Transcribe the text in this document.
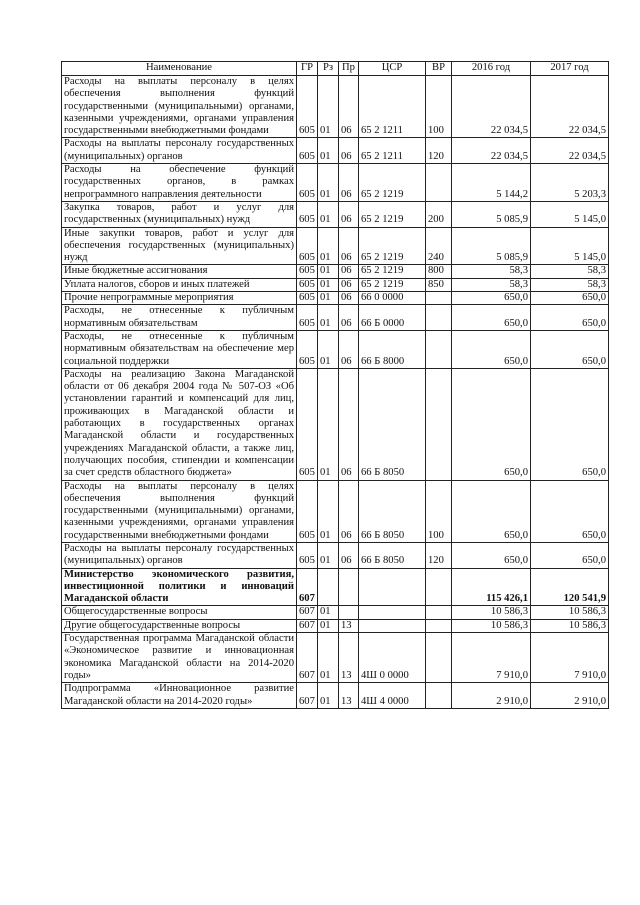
Наименование	ГР	Рз	Пр	ЦСР	ВР	2016 год	2017 год
Расходы на выплаты персоналу в целях обеспечения выполнения функций государственными (муниципальными) органами, казенными учреждениями, органами управления государственными внебюджетными фондами	605	01	06	65 2 1211	100	22 034,5	22 034,5
Расходы на выплаты персоналу государственных (муниципальных) органов	605	01	06	65 2 1211	120	22 034,5	22 034,5
Расходы на обеспечение функций государственных органов, в рамках непрограммного направления деятельности	605	01	06	65 2 1219		5 144,2	5 203,3
Закупка товаров, работ и услуг для государственных (муниципальных) нужд	605	01	06	65 2 1219	200	5 085,9	5 145,0
Иные закупки товаров, работ и услуг для обеспечения государственных (муниципальных) нужд	605	01	06	65 2 1219	240	5 085,9	5 145,0
Иные бюджетные ассигнования	605	01	06	65 2 1219	800	58,3	58,3
Уплата налогов, сборов и иных платежей	605	01	06	65 2 1219	850	58,3	58,3
Прочие непрограммные мероприятия	605	01	06	66 0 0000		650,0	650,0
Расходы, не отнесенные к публичным нормативным обязательствам	605	01	06	66 Б 0000		650,0	650,0
Расходы, не отнесенные к публичным нормативным обязательствам на обеспечение мер социальной поддержки	605	01	06	66 Б 8000		650,0	650,0
Расходы на реализацию Закона Магаданской области от 06 декабря 2004 года № 507-ОЗ «Об установлении гарантий и компенсаций для лиц, проживающих в Магаданской области и работающих в государственных органах Магаданской области и государственных учреждениях Магаданской области, а также лиц, получающих пособия, стипендии и компенсации за счет средств областного бюджета»	605	01	06	66 Б 8050		650,0	650,0
Расходы на выплаты персоналу в целях обеспечения выполнения функций государственными (муниципальными) органами, казенными учреждениями, органами управления государственными внебюджетными фондами	605	01	06	66 Б 8050	100	650,0	650,0
Расходы на выплаты персоналу государственных (муниципальных) органов	605	01	06	66 Б 8050	120	650,0	650,0
Министерство экономического развития, инвестиционной политики и инноваций Магаданской области	607					115 426,1	120 541,9
Общегосударственные вопросы	607	01				10 586,3	10 586,3
Другие общегосударственные вопросы	607	01	13			10 586,3	10 586,3
Государственная программа Магаданской области «Экономическое развитие и инновационная экономика Магаданской области на 2014-2020 годы»	607	01	13	4Ш 0 0000		7 910,0	7 910,0
Подпрограмма «Инновационное развитие Магаданской области на 2014-2020 годы»	607	01	13	4Ш 4 0000		2 910,0	2 910,0
